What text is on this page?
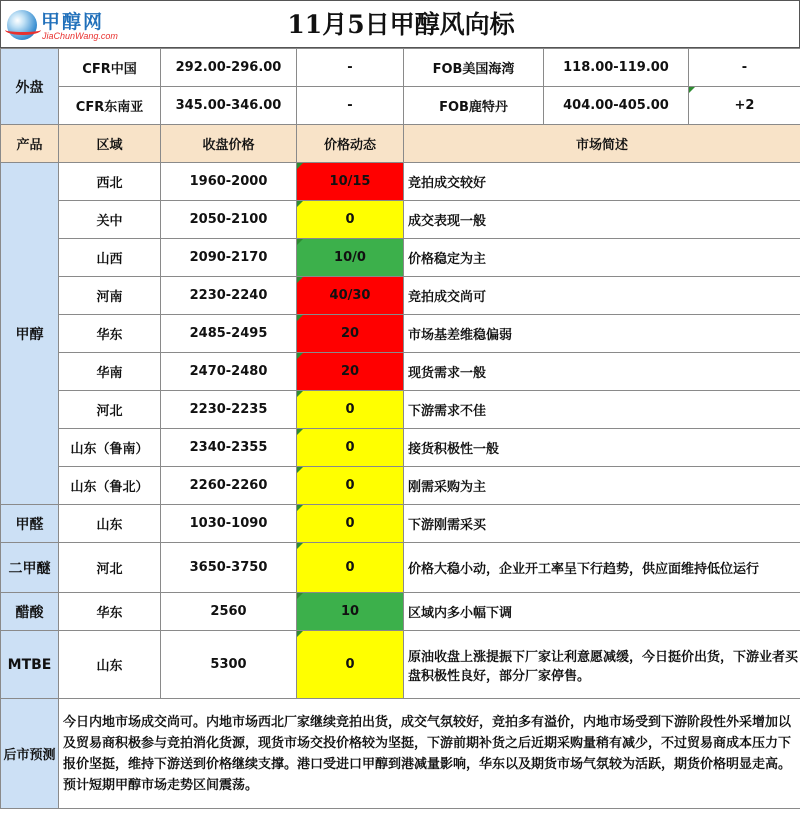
11月5日甲醇风向标
甲醇网
JiaChunWang.com
外盘	CFR中国	292.00-296.00	-	FOB美国海湾	118.00-119.00	-
	CFR东南亚	345.00-346.00	-	FOB鹿特丹	404.00-405.00	+2
产品	区域	收盘价格	价格动态	市场简述		
甲醇	西北	1960-2000	10/15	竞拍成交较好		
	关中	2050-2100	0	成交表现一般		
	山西	2090-2170	10/0	价格稳定为主		
	河南	2230-2240	40/30	竞拍成交尚可		
	华东	2485-2495	20	市场基差维稳偏弱		
	华南	2470-2480	20	现货需求一般		
	河北	2230-2235	0	下游需求不佳		
	山东（鲁南）	2340-2355	0	接货积极性一般		
	山东（鲁北）	2260-2260	0	刚需采购为主		
甲醛	山东	1030-1090	0	下游刚需采买		
二甲醚	河北	3650-3750	0	价格大稳小动，企业开工率呈下行趋势，供应面维持低位运行		
醋酸	华东	2560	10	区域内多小幅下调		
MTBE	山东	5300	0	原油收盘上涨提振下厂家让利意愿减缓，今日挺价出货，下游业者买盘积极性良好，部分厂家停售。		
后市预测	今日内地市场成交尚可。内地市场西北厂家继续竞拍出货，成交气氛较好，竞拍多有溢价，内地市场受到下游阶段性外采增加以及贸易商积极参与竞拍消化货源，现货市场交投价格较为坚挺，下游前期补货之后近期采购量稍有减少，不过贸易商成本压力下报价坚挺，维持下游送到价格继续支撑。港口受进口甲醇到港减量影响，华东以及期货市场气氛较为活跃，期货价格明显走高。预计短期甲醇市场走势区间震荡。					
